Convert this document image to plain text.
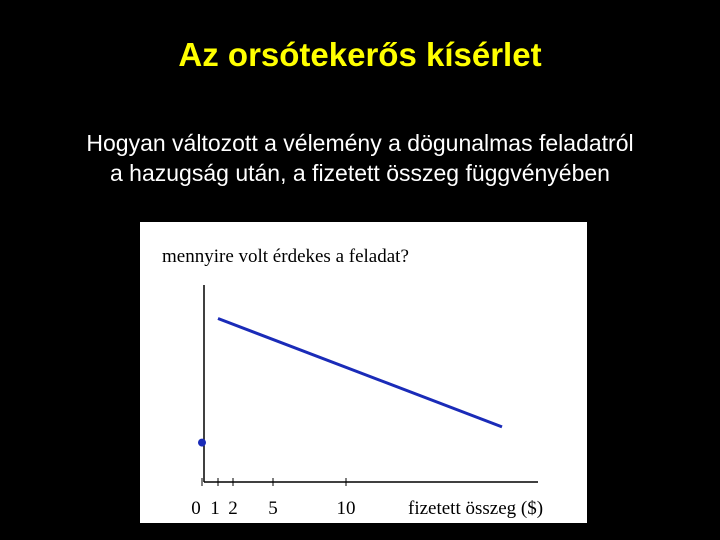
Az orsótekerős kísérlet
Hogyan változott a vélemény a dögunalmas feladatról
a hazugság után, a fizetett összeg függvényében
mennyire volt érdekes a feladat?
0 1 2 5	10	fizetett összeg ($)
